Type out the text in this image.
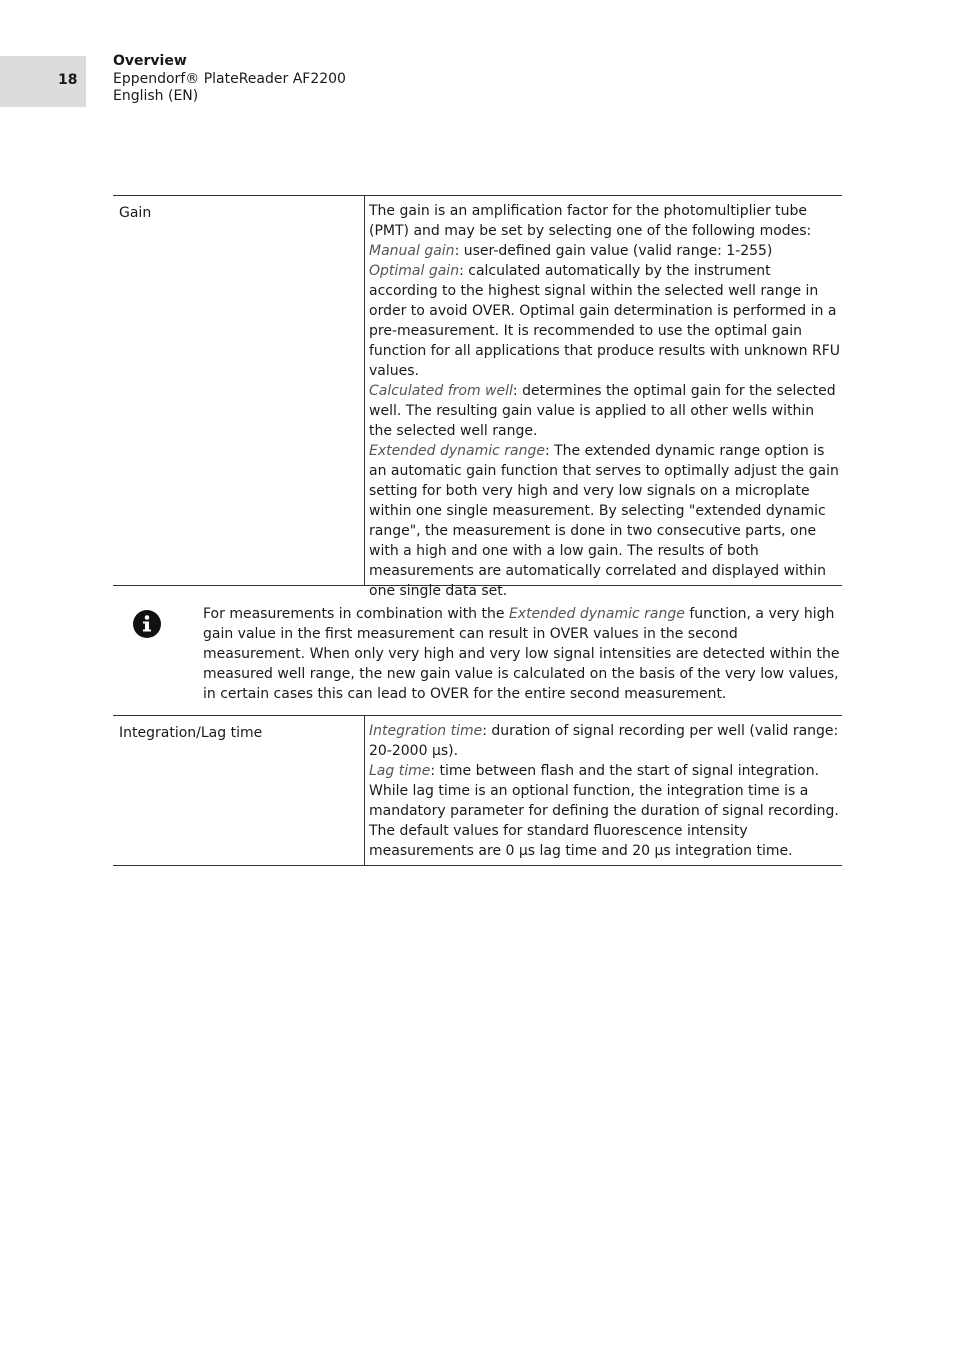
18
Overview
Eppendorf® PlateReader AF2200
English (EN)
Gain	The gain is an amplification factor for the photomultiplier tube (PMT) and may be set by selecting one of the following modes:

Manual gain: user-defined gain value (valid range: 1-255)

Optimal gain: calculated automatically by the instrument according to the highest signal within the selected well range in order to avoid OVER. Optimal gain determination is performed in a pre-measurement. It is recommended to use the optimal gain function for all applications that produce results with unknown RFU values.

Calculated from well: determines the optimal gain for the selected well. The resulting gain value is applied to all other wells within the selected well range.

Extended dynamic range: The extended dynamic range option is an automatic gain function that serves to optimally adjust the gain setting for both very high and very low signals on a microplate within one single measurement. By selecting "extended dynamic range", the measurement is done in two consecutive parts, one with a high and one with a low gain. The results of both measurements are automatically correlated and displayed within one single data set.

For measurements in combination with the Extended dynamic range function, a very high gain value in the first measurement can result in OVER values in the second measurement. When only very high and very low signal intensities are detected within the measured well range, the new gain value is calculated on the basis of the very low values, in certain cases this can lead to OVER for the entire second measurement.

Integration/Lag time	Integration time: duration of signal recording per well (valid range: 20-2000 µs).

Lag time: time between flash and the start of signal integration. While lag time is an optional function, the integration time is a mandatory parameter for defining the duration of signal recording. The default values for standard fluorescence intensity measurements are 0 µs lag time and 20 µs integration time.
